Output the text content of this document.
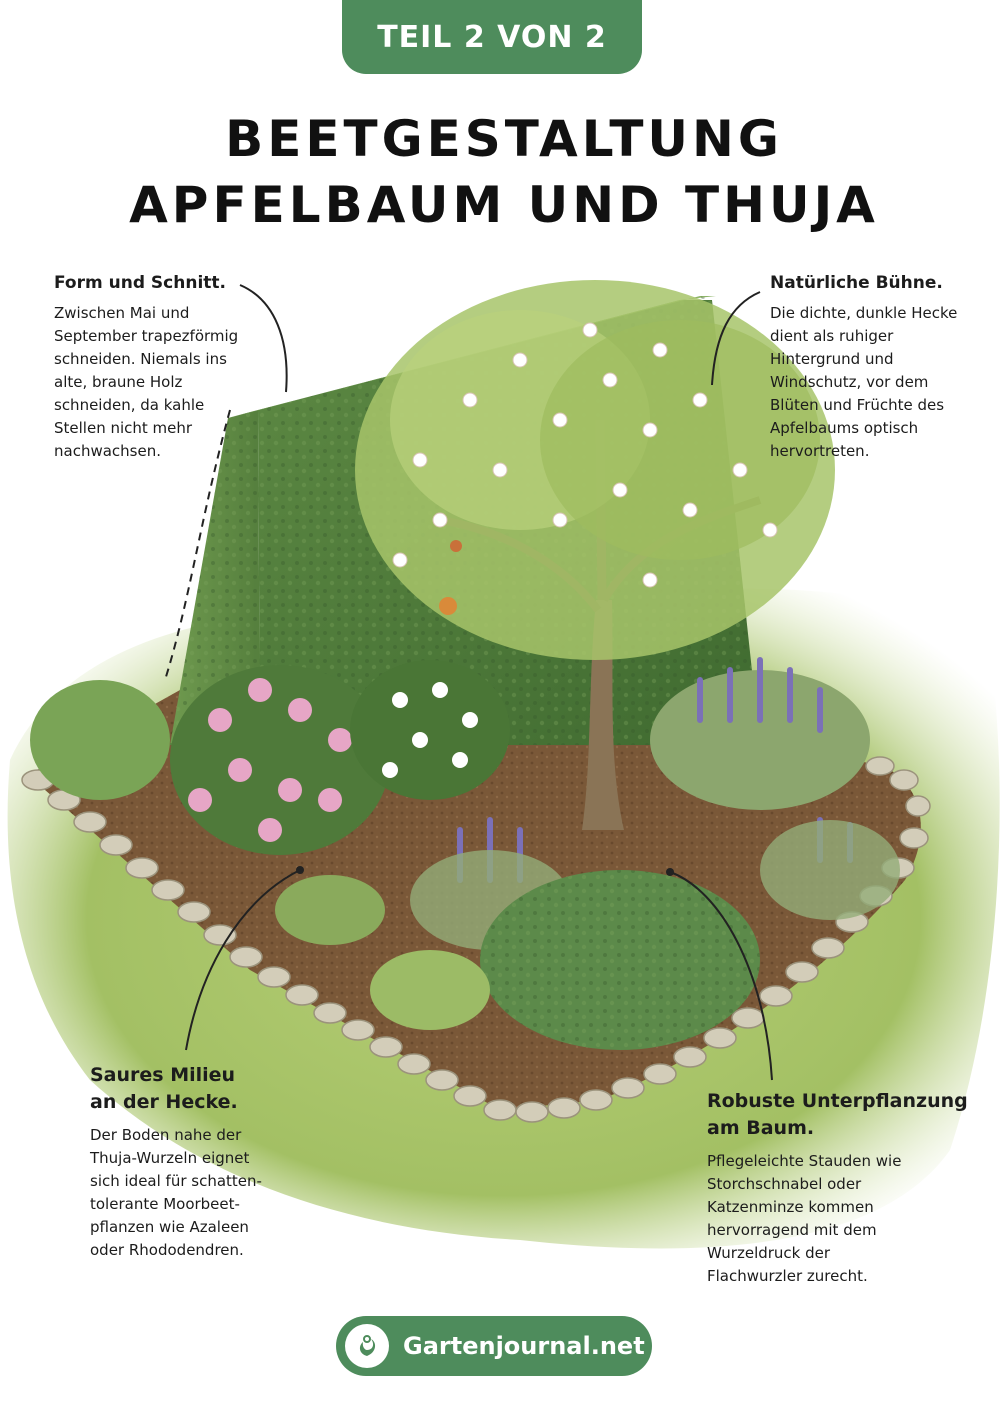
TEIL 2 VON 2
BEETGESTALTUNG
APFELBAUM UND THUJA
Form und Schnitt.

Zwischen Mai und
September trapezförmig
schneiden. Niemals ins
alte, braune Holz
schneiden, da kahle
Stellen nicht mehr
nachwachsen.

Natürliche Bühne.

Die dichte, dunkle Hecke
dient als ruhiger
Hintergrund und
Windschutz, vor dem
Blüten und Früchte des
Apfelbaums optisch
hervortreten.

Saures Milieu
an der Hecke.

Der Boden nahe der
Thuja-Wurzeln eignet
sich ideal für schatten-
tolerante Moorbeet-
pflanzen wie Azaleen
oder Rhododendren.

Robuste Unterpflanzung
am Baum.

Pflegeleichte Stauden wie
Storchschnabel oder
Katzenminze kommen
hervorragend mit dem
Wurzeldruck der
Flachwurzler zurecht.

Gartenjournal.net
